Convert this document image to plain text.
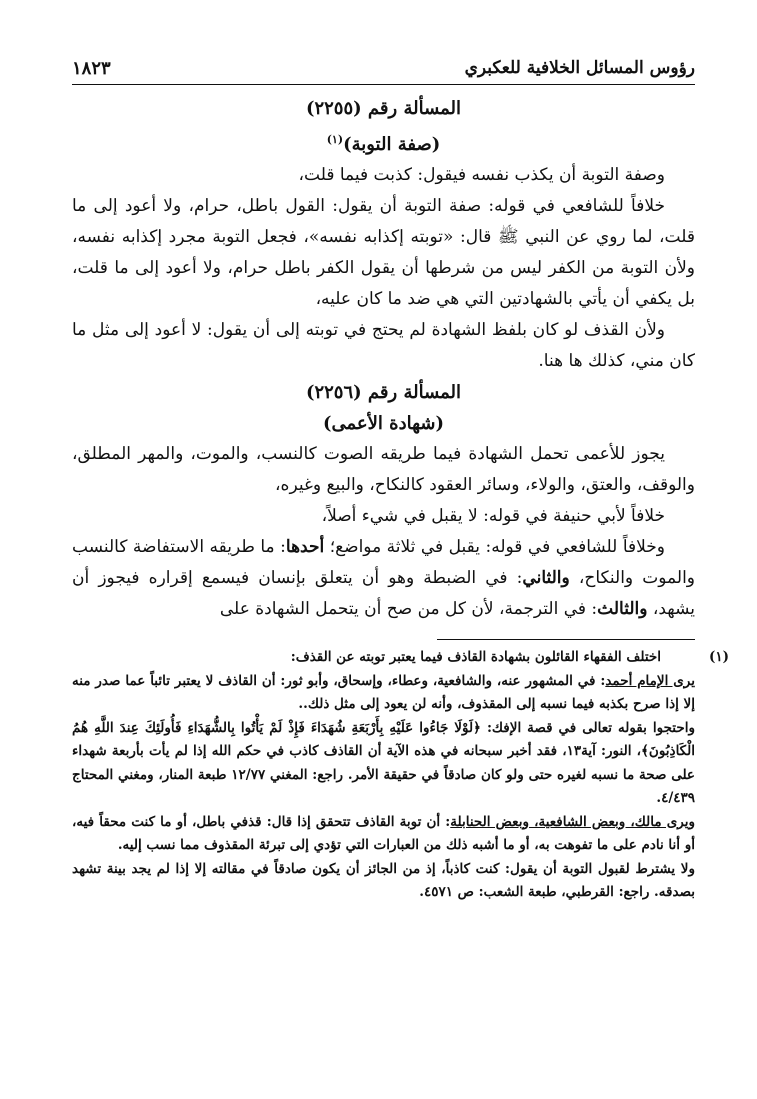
رؤوس المسائل الخلافية للعكبري
١٨٢٣
المسألة رقم (٢٢٥٥)
(صفة التوبة)$^{(١)}$
وصفة التوبة أن يكذب نفسه فيقول: كذبت فيما قلت،
خلافاً للشافعي في قوله: صفة التوبة أن يقول: القول باطل، حرام، ولا أعود إلى ما قلت، لما روي عن النبي ﷺ قال: «توبته إكذابه نفسه»، فجعل التوبة مجرد إكذابه نفسه، ولأن التوبة من الكفر ليس من شرطها أن يقول الكفر باطل حرام، ولا أعود إلى ما قلت، بل يكفي أن يأتي بالشهادتين التي هي ضد ما كان عليه،
ولأن القذف لو كان بلفظ الشهادة لم يحتج في توبته إلى أن يقول: لا أعود إلى مثل ما كان مني، كذلك ها هنا.
المسألة رقم (٢٢٥٦)
(شهادة الأعمى)
يجوز للأعمى تحمل الشهادة فيما طريقه الصوت كالنسب، والموت، والمهر المطلق، والوقف، والعتق، والولاء، وسائر العقود كالنكاح، والبيع وغيره،
خلافاً لأبي حنيفة في قوله: لا يقبل في شيء أصلاً،
وخلافاً للشافعي في قوله: يقبل في ثلاثة مواضع؛ أحدها: ما طريقه الاستفاضة كالنسب والموت والنكاح، والثاني: في الضبطة وهو أن يتعلق بإنسان فيسمع إقراره فيجوز أن يشهد، والثالث: في الترجمة، لأن كل من صح أن يتحمل الشهادة على
(١)اختلف الفقهاء القائلون بشهادة القاذف فيما يعتبر توبته عن القذف:
يرى الإمام أحمد: في المشهور عنه، والشافعية، وعطاء، وإسحاق، وأبو ثور: أن القاذف لا يعتبر تائباً عما صدر منه إلا إذا صرح بكذبه فيما نسبه إلى المقذوف، وأنه لن يعود إلى مثل ذلك..
واحتجوا بقوله تعالى في قصة الإفك: ﴿لَوْلَا جَاءُوا عَلَيْهِ بِأَرْبَعَةِ شُهَدَاءَ فَإِذْ لَمْ يَأْتُوا بِالشُّهَدَاءِ فَأُولَئِكَ عِندَ اللَّهِ هُمُ الْكَاذِبُونَ﴾، النور: آية١٣، فقد أخبر سبحانه في هذه الآية أن القاذف كاذب في حكم الله إذا لم يأت بأربعة شهداء على صحة ما نسبه لغيره حتى ولو كان صادقاً في حقيقة الأمر. راجع: المغني ١٢/٧٧ طبعة المنار، ومغني المحتاج ٤/٤٣٩.
ويرى مالك، وبعض الشافعية، وبعض الحنابلة: أن توبة القاذف تتحقق إذا قال: قذفي باطل، أو ما كنت محقاً فيه، أو أنا نادم على ما تفوهت به، أو ما أشبه ذلك من العبارات التي تؤدي إلى تبرئة المقذوف مما نسب إليه.
ولا يشترط لقبول التوبة أن يقول: كنت كاذباً، إذ من الجائز أن يكون صادقاً في مقالته إلا إذا لم يجد بينة تشهد بصدقه. راجع: القرطبي، طبعة الشعب: ص ٤٥٧١.
